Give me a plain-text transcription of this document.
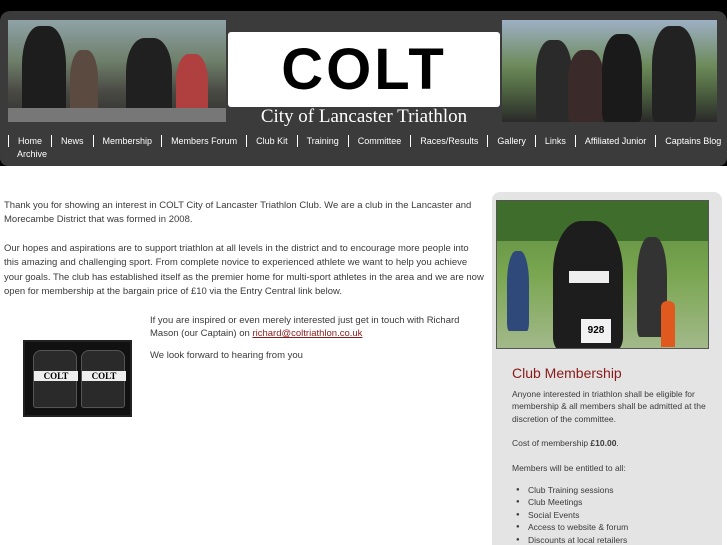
COLT
City of Lancaster Triathlon
Home	News	Membership	Members Forum	Club Kit	Training	Committee	Races/Results	Gallery	Links	Affiliated Junior	Captains Blog
Archive

Thank you for showing an interest in COLT City of Lancaster Triathlon Club. We are a club in the Lancaster and Morecambe District that was formed in 2008.

Our hopes and aspirations are to support triathlon at all levels in the district and to encourage more people into this amazing and challenging sport. From complete novice to experienced athlete we want to help you achieve your goals. The club has established itself as the premier home for multi-sport athletes in the area and we are now open for membership at the bargain price of £10 via the Entry Central link below.

COLT	COLT

If you are inspired or even merely interested just get in touch with Richard Mason (our Captain) on richard@coltriathlon.co.uk

We look forward to hearing from you

928
Club Membership

Anyone interested in triathlon shall be eligible for membership & all members shall be admitted at the discretion of the committee.

Cost of membership £10.00.

Members will be entitled to all:

● Club Training sessions
● Club Meetings
● Social Events
● Access to website & forum
● Discounts at local retailers
